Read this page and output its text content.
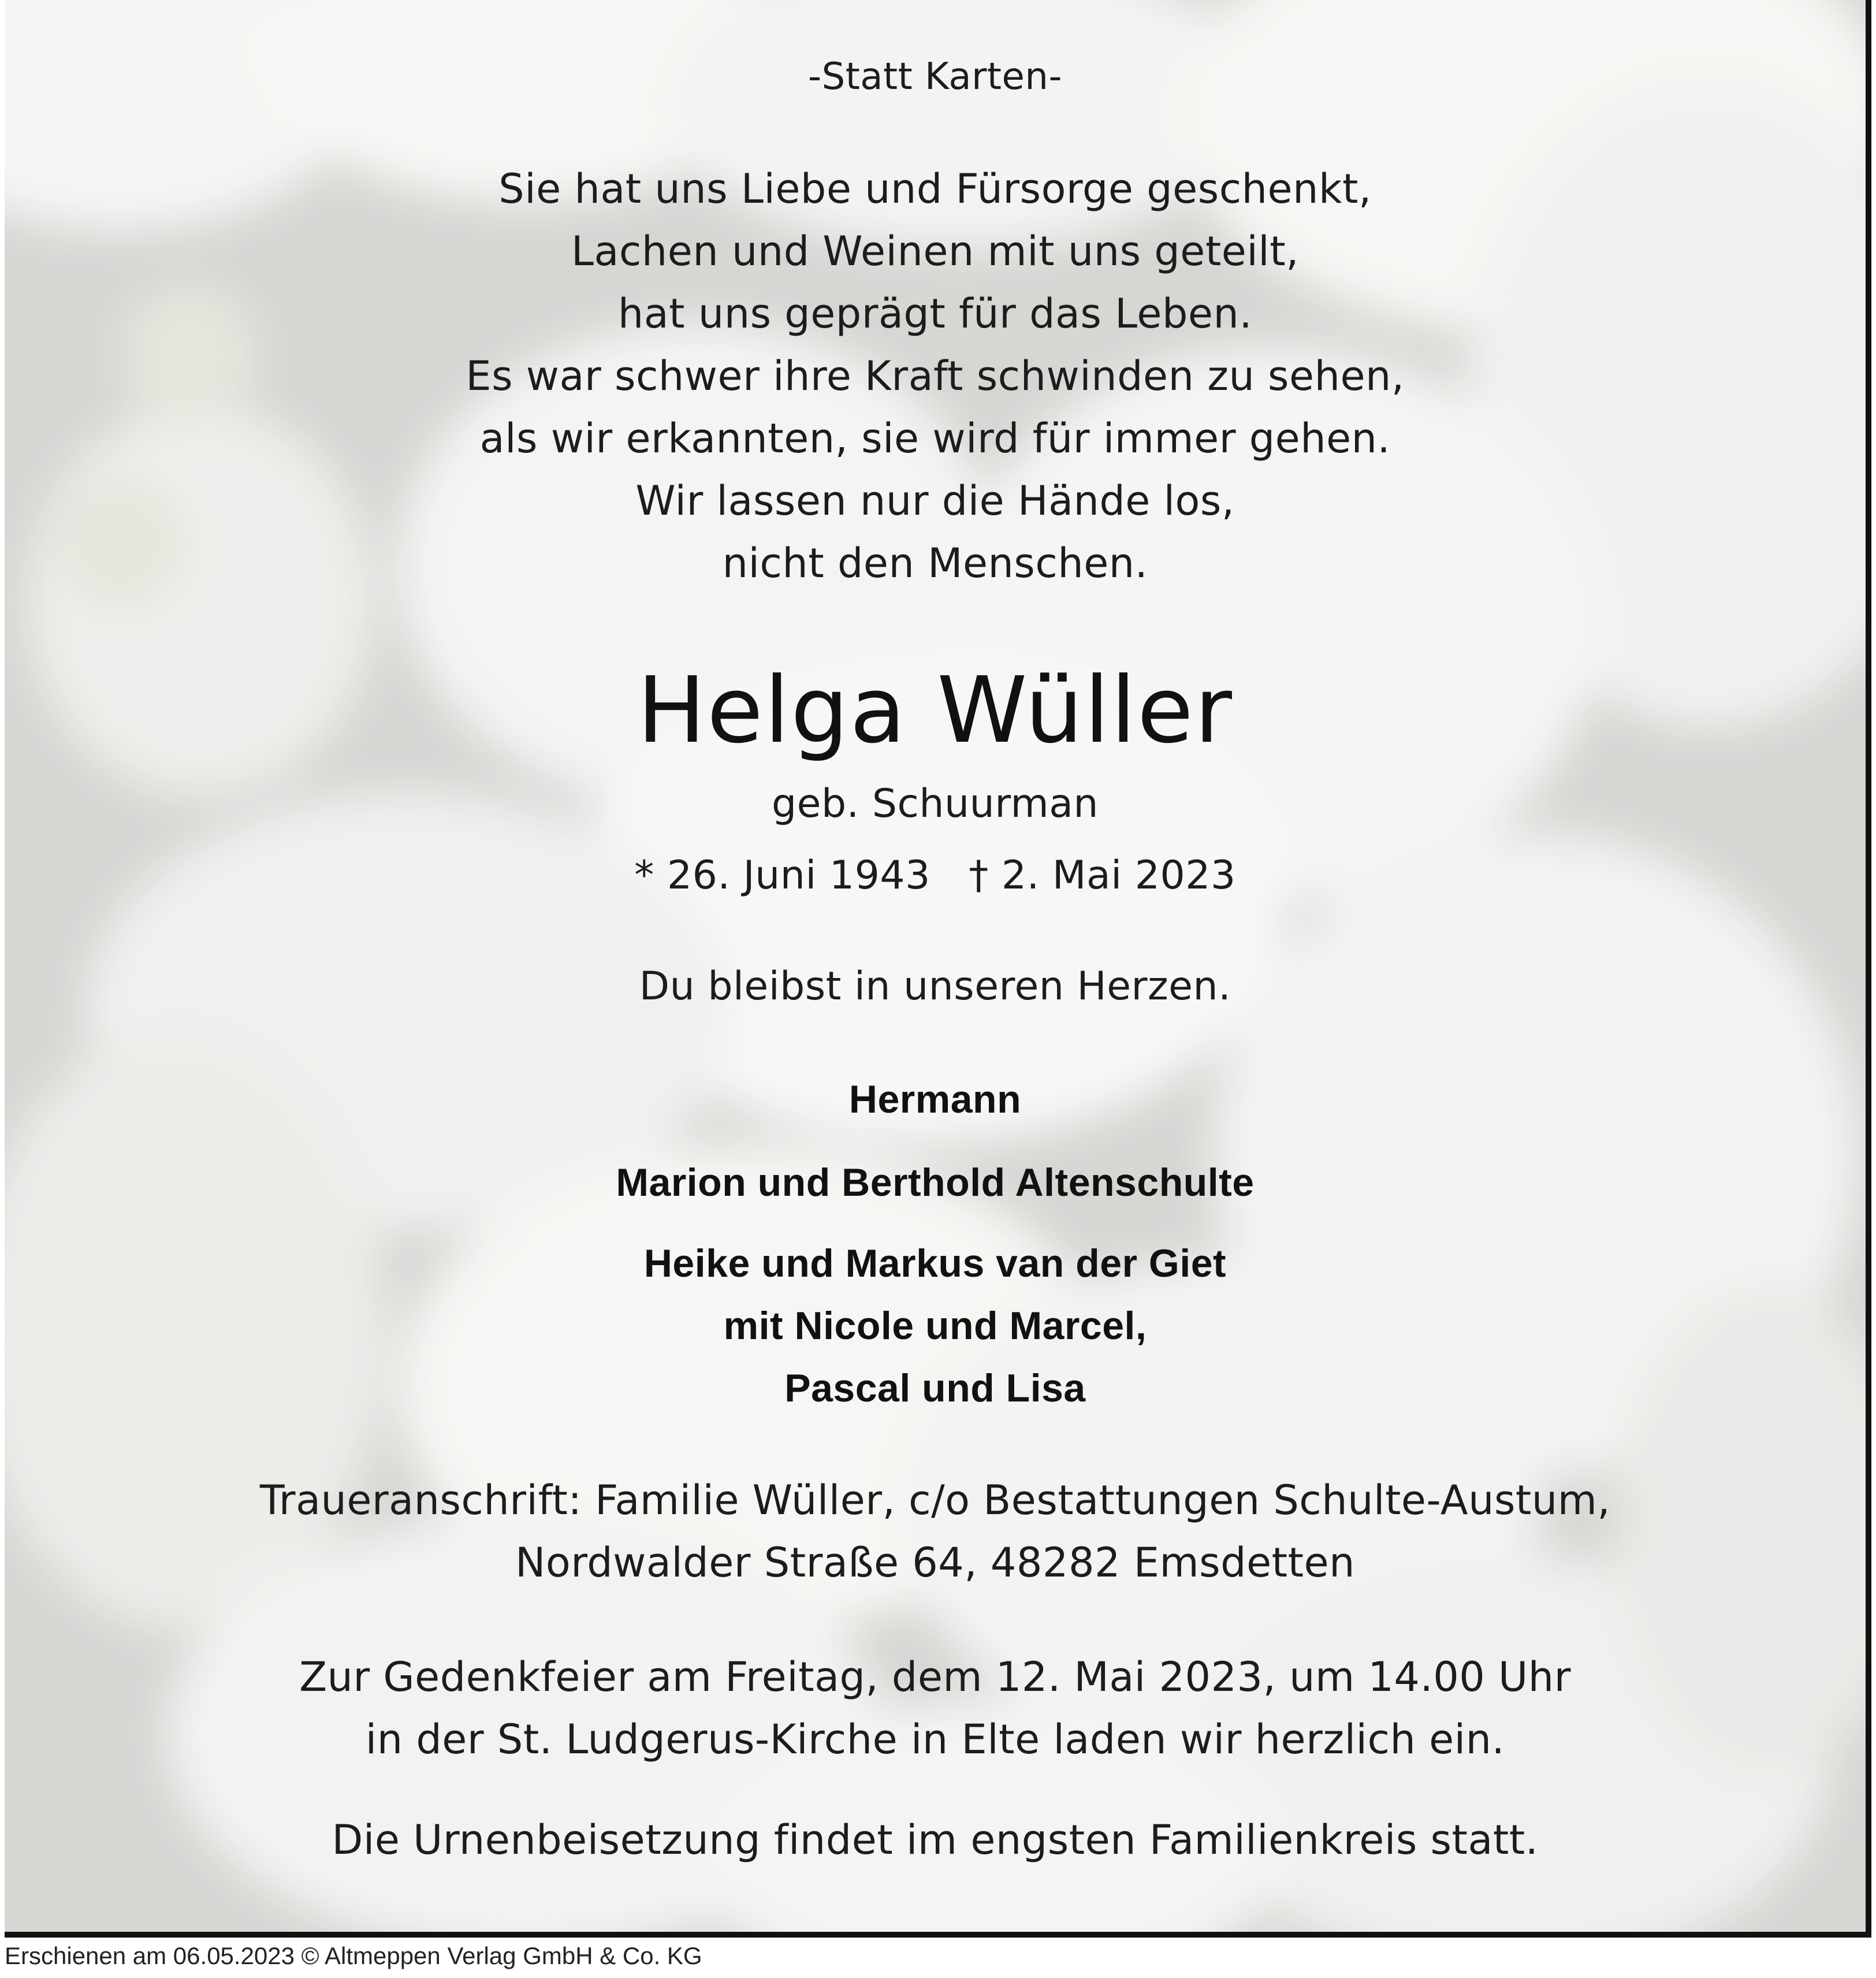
-Statt Karten-
Sie hat uns Liebe und Fürsorge geschenkt,
Lachen und Weinen mit uns geteilt,
hat uns geprägt für das Leben.
Es war schwer ihre Kraft schwinden zu sehen,
als wir erkannten, sie wird für immer gehen.
Wir lassen nur die Hände los,
nicht den Menschen.
Helga Wüller
geb. Schuurman
* 26. Juni 1943   † 2. Mai 2023
Du bleibst in unseren Herzen.
Hermann
Marion und Berthold Altenschulte
Heike und Markus van der Giet
mit Nicole und Marcel,
Pascal und Lisa
Traueranschrift: Familie Wüller, c/o Bestattungen Schulte-Austum,
Nordwalder Straße 64, 48282 Emsdetten
Zur Gedenkfeier am Freitag, dem 12. Mai 2023, um 14.00 Uhr
in der St. Ludgerus-Kirche in Elte laden wir herzlich ein.
Die Urnenbeisetzung findet im engsten Familienkreis statt.
Erschienen am 06.05.2023 © Altmeppen Verlag GmbH & Co. KG
